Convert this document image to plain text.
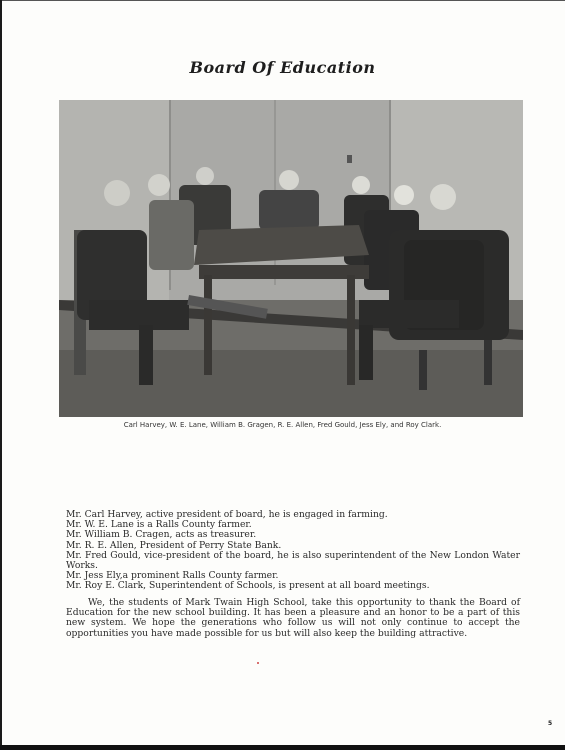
Board Of Education
Carl Harvey, W. E. Lane, William B. Gragen, R. E. Allen, Fred Gould, Jess Ely, and Roy Clark.

Mr. Carl Harvey, active president of board, he is engaged in farming.

Mr. W. E. Lane is a Ralls County farmer.

Mr. William B. Cragen, acts as treasurer.

Mr. R. E. Allen, President of Perry State Bank.

Mr. Fred Gould, vice-president of the board, he is also superintendent of the New London Water Works.

Mr. Jess Ely,a prominent Ralls County farmer.

Mr. Roy E. Clark, Superintendent of Schools, is present at all board meetings.

We, the students of Mark Twain High School, take this opportunity to thank the Board of Education for the new school building. It has been a pleasure and an honor to be a part of this new system. We hope the generations who follow us will not only continue to accept the opportunities you have made possible for us but will also keep the building attractive.

5
